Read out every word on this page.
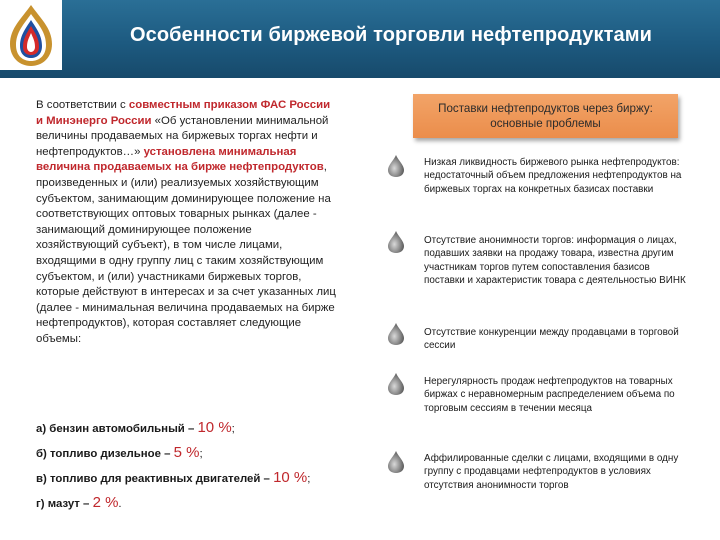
Особенности биржевой торговли нефтепродуктами

В соответствии с совместным приказом ФАС России и Минэнерго России «Об установлении минимальной величины продаваемых на биржевых торгах нефти и нефтепродуктов…» установлена минимальная величина продаваемых на бирже нефтепродуктов, произведенных и (или) реализуемых хозяйствующим субъектом, занимающим доминирующее положение на соответствующих оптовых товарных рынках (далее - занимающий доминирующее положение хозяйствующий субъект), в том числе лицами, входящими в одну группу лиц с таким хозяйствующим субъектом, и (или) участниками биржевых торгов, которые действуют в интересах и за счет указанных лиц (далее - минимальная величина продаваемых на бирже нефтепродуктов), которая составляет следующие объемы:

а) бензин автомобильный – 10 %;
б) топливо дизельное – 5 %;
в) топливо для реактивных двигателей – 10 %;
г) мазут – 2 %.
Поставки нефтепродуктов через биржу: основные проблемы
Низкая ликвидность биржевого рынка нефтепродуктов: недостаточный объем предложения нефтепродуктов на биржевых торгах на конкретных базисах поставки
Отсутствие анонимности торгов: информация о лицах, подавших заявки на продажу товара, известна другим участникам торгов путем сопоставления базисов поставки и характеристик товара с деятельностью ВИНК
Отсутствие конкуренции между продавцами в торговой сессии
Нерегулярность продаж нефтепродуктов на товарных биржах с неравномерным распределением объема по торговым сессиям в течении месяца
Аффилированные сделки с лицами, входящими в одну группу с продавцами нефтепродуктов в условиях отсутствия анонимности торгов
